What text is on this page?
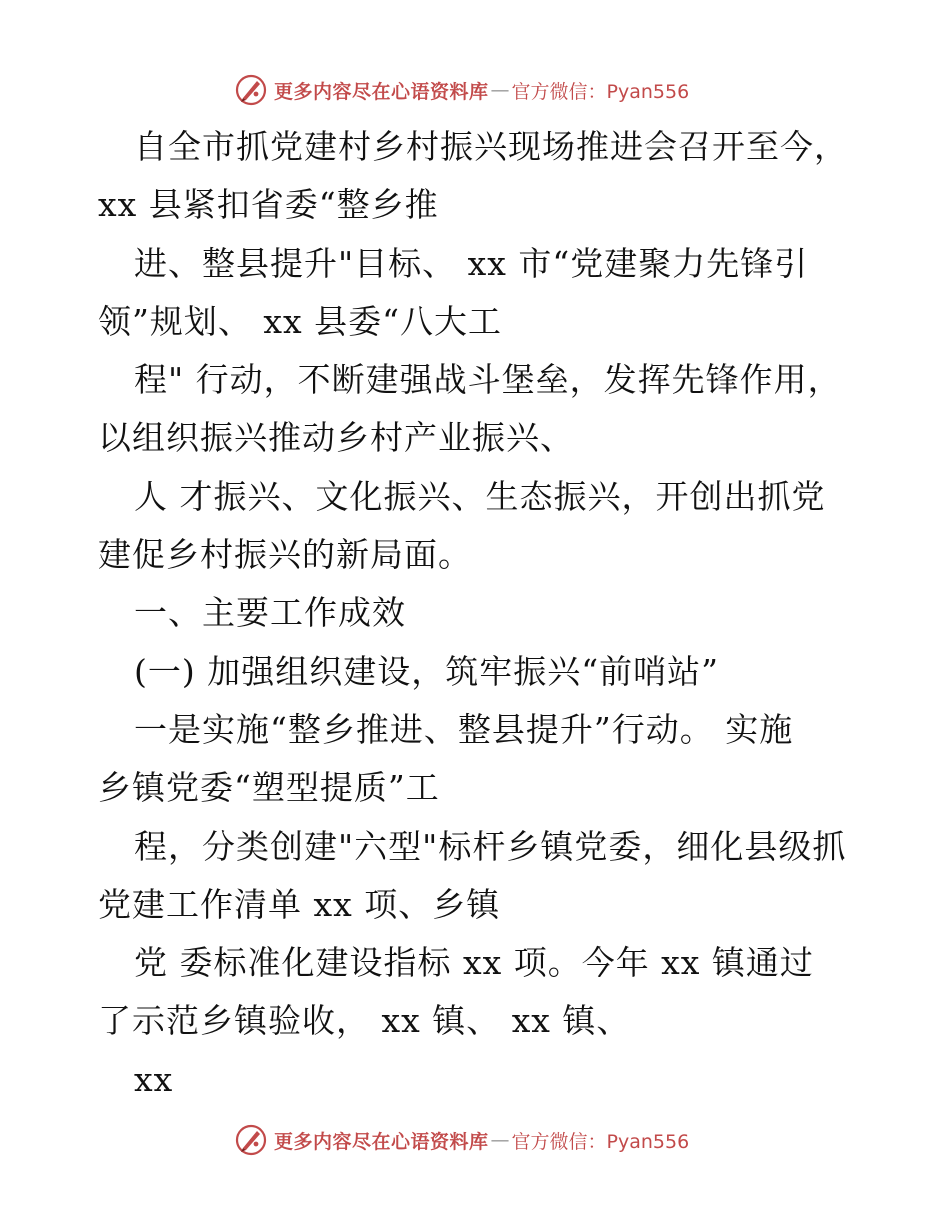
更多内容尽在心语资料库 — 官方微信：Pyan556
自全市抓党建村乡村振兴现场推进会召开至今，
xx 县紧扣省委“整乡推
进、整县提升"目标、 xx 市“党建聚力先锋引
领”规划、 xx 县委“八大工
程" 行动，不断建强战斗堡垒，发挥先锋作用，
以组织振兴推动乡村产业振兴、
人 才振兴、文化振兴、生态振兴，开创出抓党
建促乡村振兴的新局面。
一、主要工作成效
(一) 加强组织建设，筑牢振兴“前哨站”
一是实施“整乡推进、整县提升”行动。 实施
乡镇党委“塑型提质”工
程，分类创建"六型"标杆乡镇党委，细化县级抓
党建工作清单 xx 项、乡镇
党 委标准化建设指标 xx 项。今年 xx 镇通过
了示范乡镇验收， xx 镇、 xx 镇、
xx
更多内容尽在心语资料库 — 官方微信：Pyan556
